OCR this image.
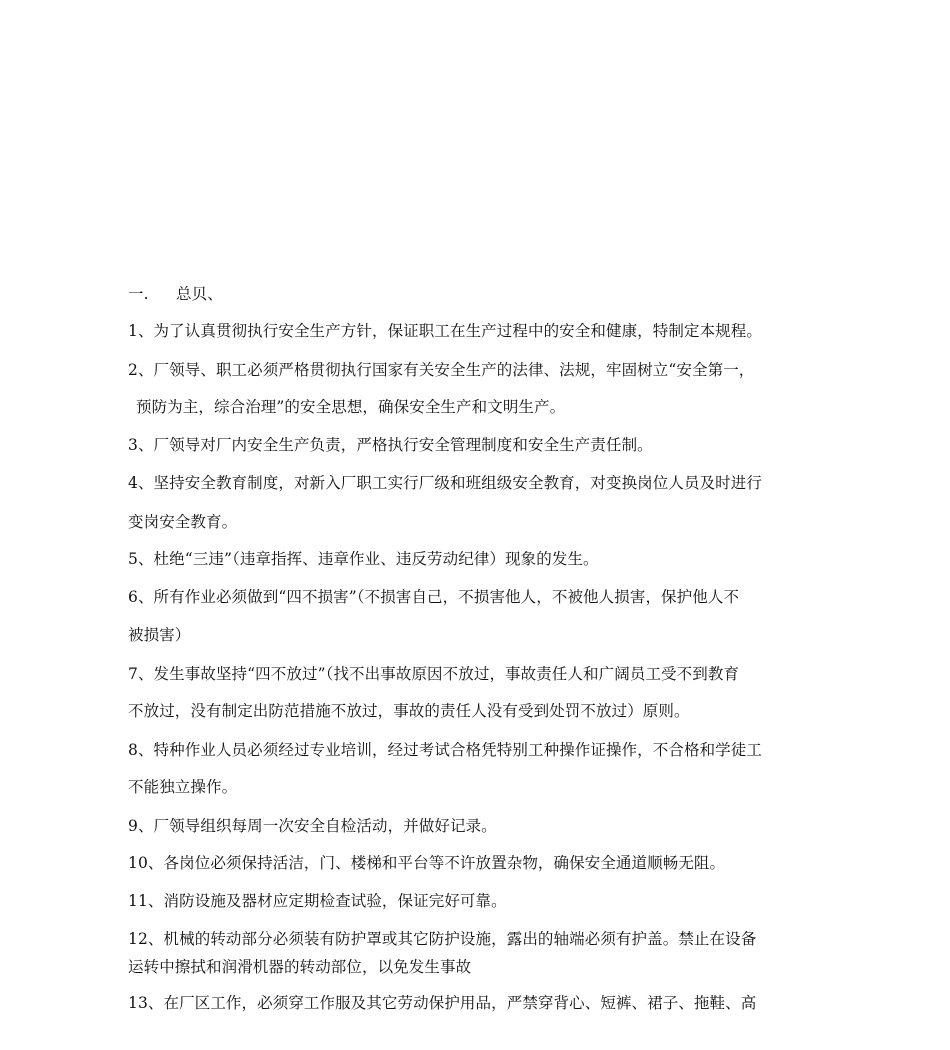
一. 总贝、
1、为了认真贯彻执行安全生产方针，保证职工在生产过程中的安全和健康，特制定本规程。
2、厂领导、职工必须严格贯彻执行国家有关安全生产的法律、法规，牢固树立“安全第一，
预防为主，综合治理”的安全思想，确保安全生产和文明生产。
3、厂领导对厂内安全生产负责，严格执行安全管理制度和安全生产责任制。
4、坚持安全教育制度，对新入厂职工实行厂级和班组级安全教育，对变换岗位人员及时进行
变岗安全教育。
5、杜绝“三违”（违章指挥、违章作业、违反劳动纪律）现象的发生。
6、所有作业必须做到“四不损害”（不损害自己，不损害他人，不被他人损害，保护他人不
被损害）
7、发生事故坚持“四不放过”（找不出事故原因不放过，事故责任人和广阔员工受不到教育
不放过，没有制定出防范措施不放过，事故的责任人没有受到处罚不放过）原则。
8、特种作业人员必须经过专业培训，经过考试合格凭特别工种操作证操作，不合格和学徒工
不能独立操作。
9、厂领导组织每周一次安全自检活动，并做好记录。
10、各岗位必须保持活洁，门、楼梯和平台等不许放置杂物，确保安全通道顺畅无阻。
11、消防设施及器材应定期检查试验，保证完好可靠。
12、机械的转动部分必须装有防护罩或其它防护设施，露出的轴端必须有护盖。禁止在设备
运转中擦拭和润滑机器的转动部位，以免发生事故
13、在厂区工作，必须穿工作服及其它劳动保护用品，严禁穿背心、短裤、裙子、拖鞋、高
